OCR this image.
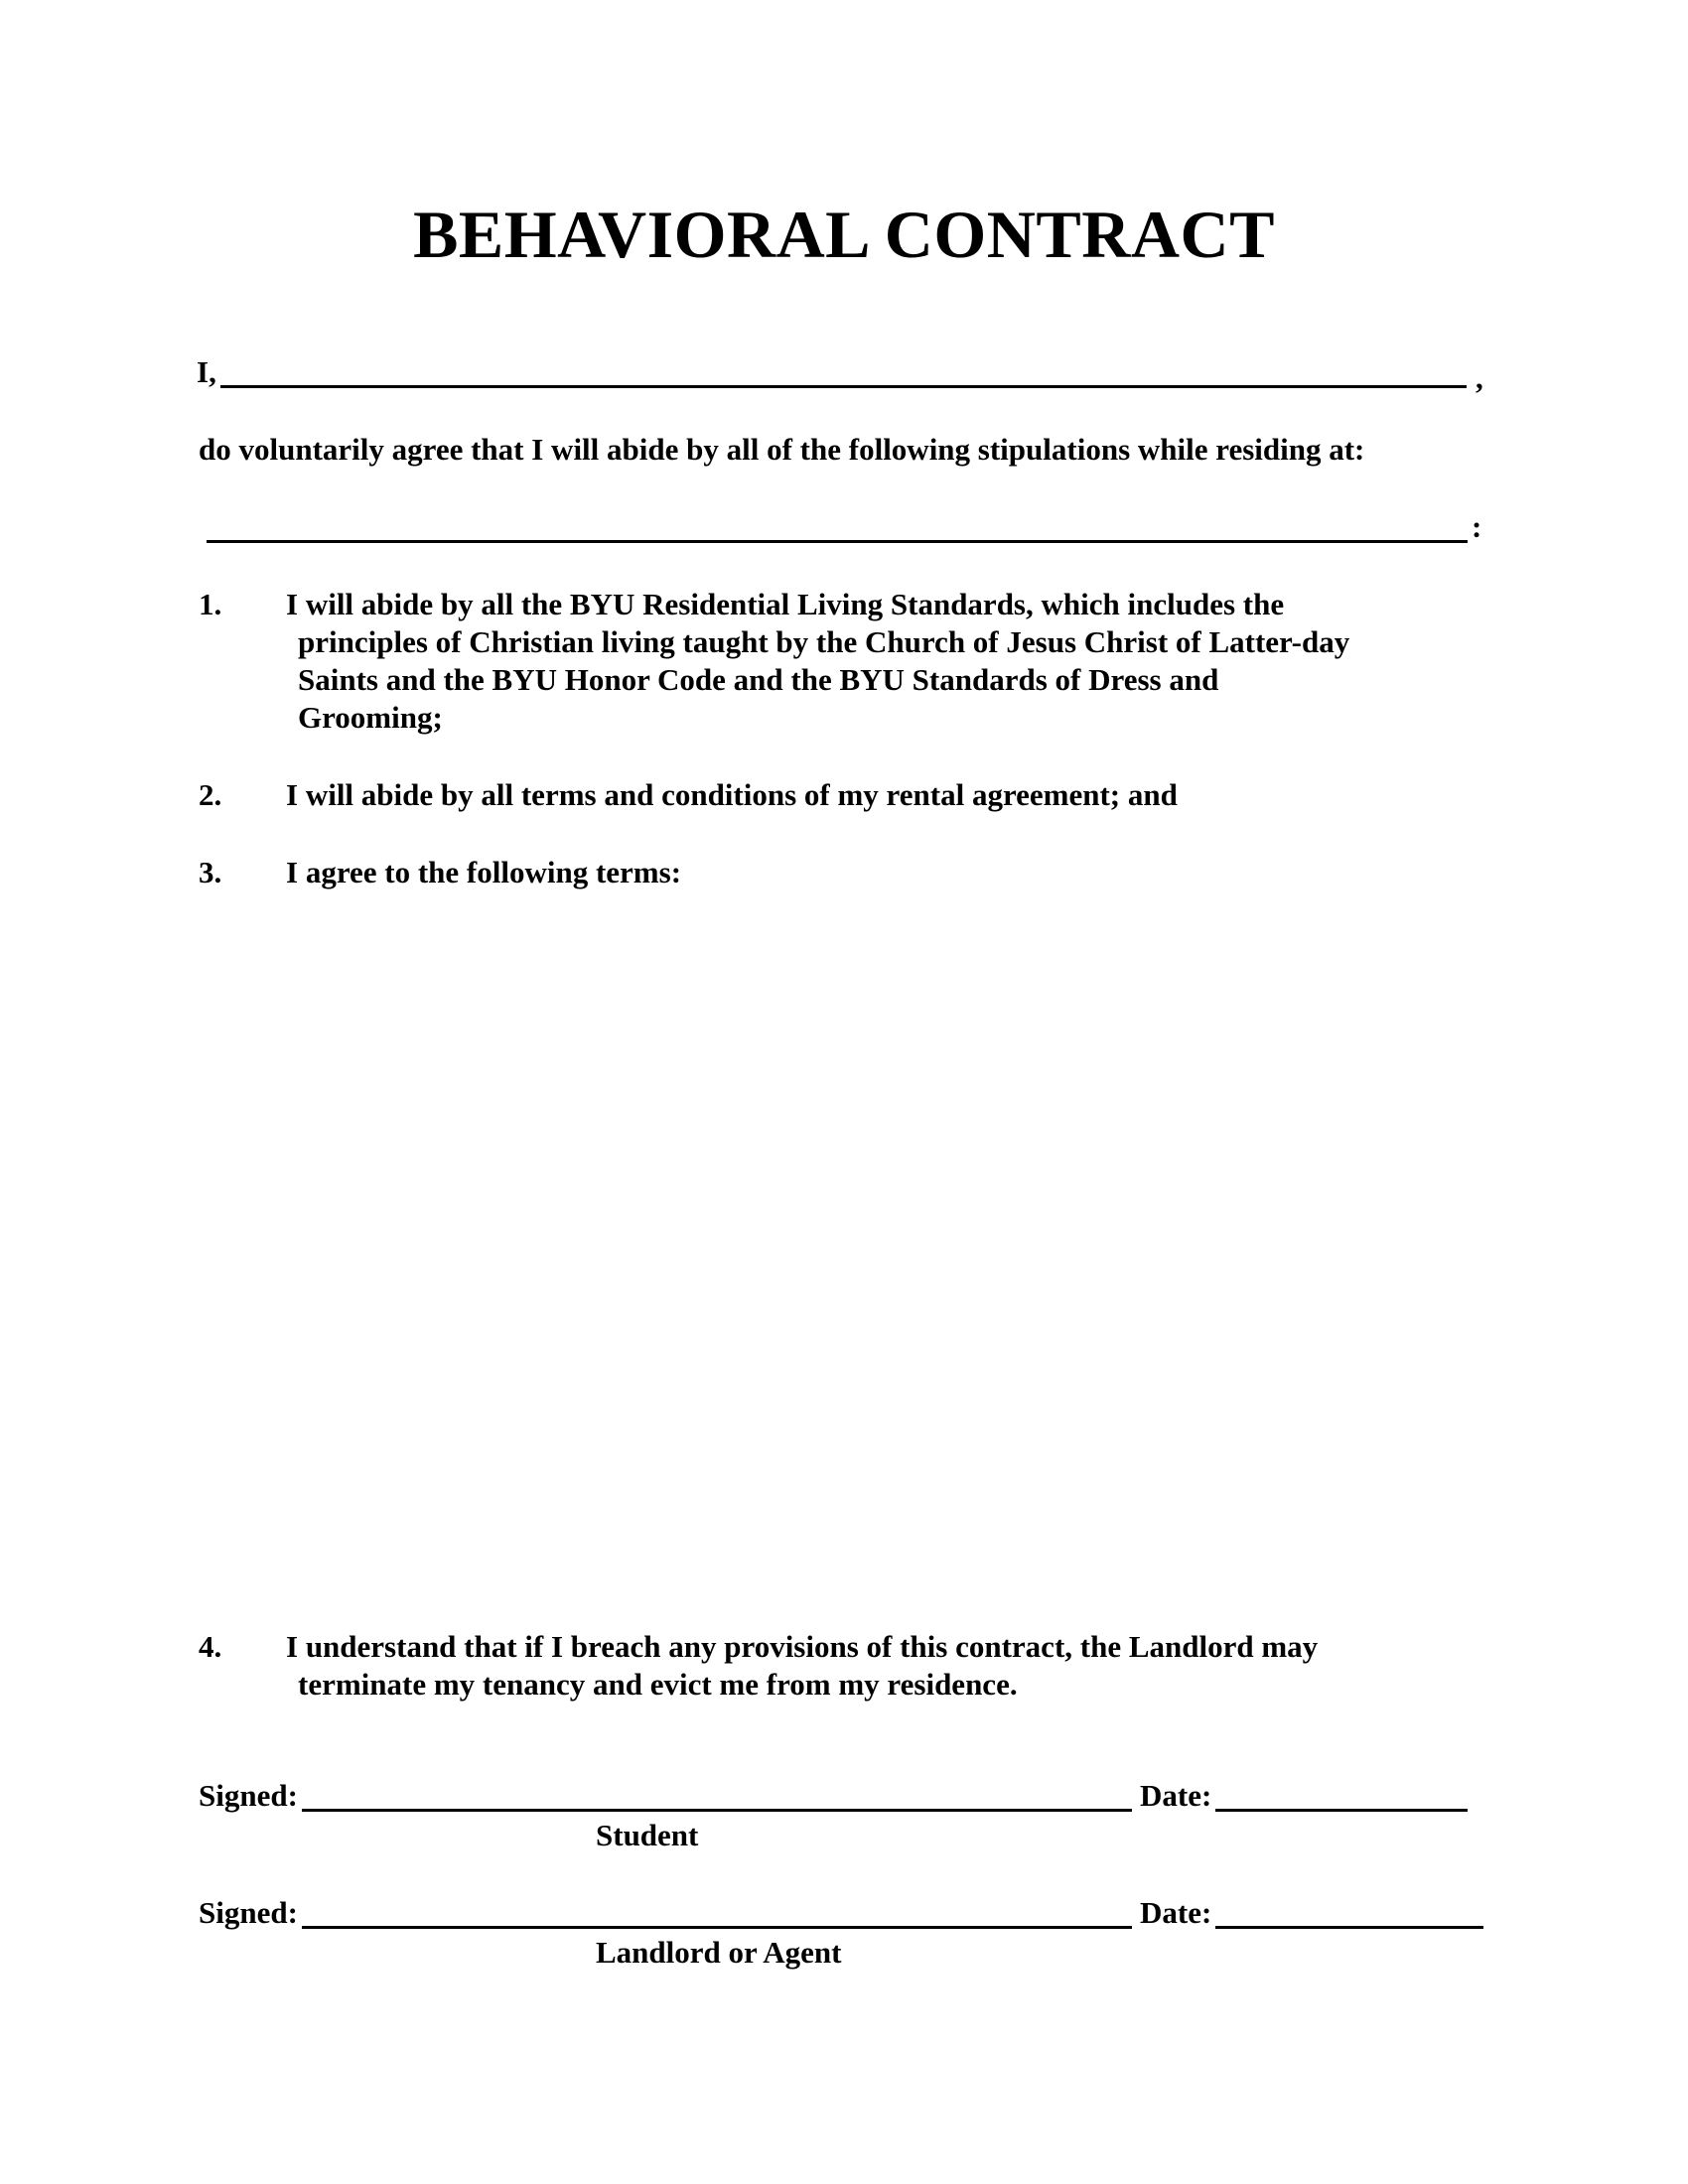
BEHAVIORAL CONTRACT
I,	,
do voluntarily agree that I will abide by all of the following stipulations while residing at:
:
1. I will abide by all the BYU Residential Living Standards, which includes the
principles of Christian living taught by the Church of Jesus Christ of Latter-day
Saints and the BYU Honor Code and the BYU Standards of Dress and
Grooming;
2. I will abide by all terms and conditions of my rental agreement; and
3. I agree to the following terms:
4. I understand that if I breach any provisions of this contract, the Landlord may
terminate my tenancy and evict me from my residence.
Signed:	Date:
Student
Signed:	Date:
Landlord or Agent
